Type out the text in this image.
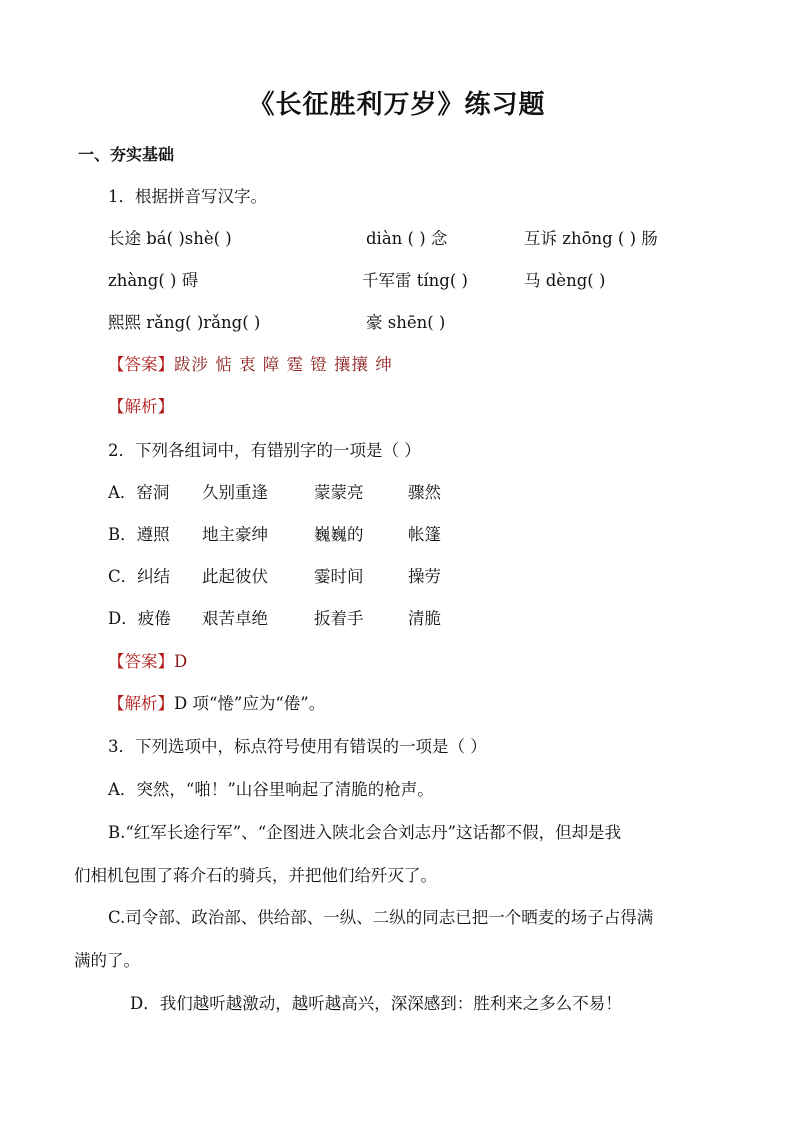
《长征胜利万岁》练习题
一、夯实基础
1．根据拼音写汉字。
长途 bá( )shè( )	diàn ( ) 念	互诉 zhōng ( ) 肠
zhàng( ) 碍	千军雷 tíng( )	马 dèng( )
熙熙 rǎng( )rǎng( )	豪 shēn( )
【答案】跋涉 惦 衷 障 霆 镫 攘攘 绅
【解析】
2．下列各组词中，有错别字的一项是（ ）
A．窑洞 久别重逢	蒙蒙亮	骤然
B．遵照 地主豪绅	巍巍的	帐篷
C．纠结 此起彼伏	霎时间	操劳
D．疲倦 艰苦卓绝	扳着手	清脆
【答案】D
【解析】D 项“惓”应为“倦”。
3．下列选项中，标点符号使用有错误的一项是（ ）
A．突然，“啪！”山谷里响起了清脆的枪声。
B.“红军长途行军”、“企图进入陕北会合刘志丹”这话都不假，但却是我
们相机包围了蒋介石的骑兵，并把他们给歼灭了。
C.司令部、政治部、供给部、一纵、二纵的同志已把一个晒麦的场子占得满
满的了。
D．我们越听越激动，越听越高兴，深深感到：胜利来之多么不易！
